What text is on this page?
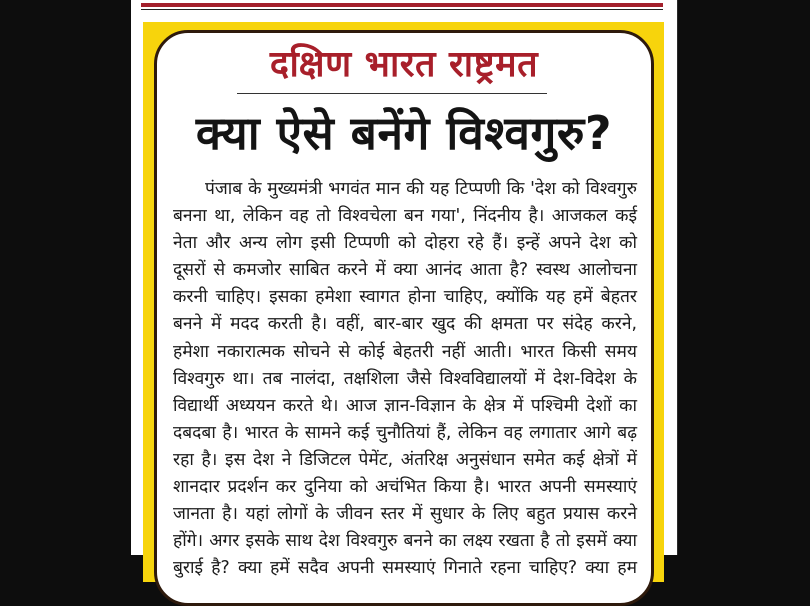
दक्षिण भारत राष्ट्रमत
क्या ऐसे बनेंगे विश्वगुरु?
पंजाब के मुख्यमंत्री भगवंत मान की यह टिप्पणी कि 'देश को विश्वगुरु
बनना था, लेकिन वह तो विश्वचेला बन गया', निंदनीय है। आजकल कई
नेता और अन्य लोग इसी टिप्पणी को दोहरा रहे हैं। इन्हें अपने देश को
दूसरों से कमजोर साबित करने में क्या आनंद आता है? स्वस्थ आलोचना
करनी चाहिए। इसका हमेशा स्वागत होना चाहिए, क्योंकि यह हमें बेहतर
बनने में मदद करती है। वहीं, बार-बार खुद की क्षमता पर संदेह करने,
हमेशा नकारात्मक सोचने से कोई बेहतरी नहीं आती। भारत किसी समय
विश्वगुरु था। तब नालंदा, तक्षशिला जैसे विश्वविद्यालयों में देश-विदेश के
विद्यार्थी अध्ययन करते थे। आज ज्ञान-विज्ञान के क्षेत्र में पश्चिमी देशों का
दबदबा है। भारत के सामने कई चुनौतियां हैं, लेकिन वह लगातार आगे बढ़
रहा है। इस देश ने डिजिटल पेमेंट, अंतरिक्ष अनुसंधान समेत कई क्षेत्रों में
शानदार प्रदर्शन कर दुनिया को अचंभित किया है। भारत अपनी समस्याएं
जानता है। यहां लोगों के जीवन स्तर में सुधार के लिए बहुत प्रयास करने
होंगे। अगर इसके साथ देश विश्वगुरु बनने का लक्ष्य रखता है तो इसमें क्या
बुराई है? क्या हमें सदैव अपनी समस्याएं गिनाते रहना चाहिए? क्या हम
